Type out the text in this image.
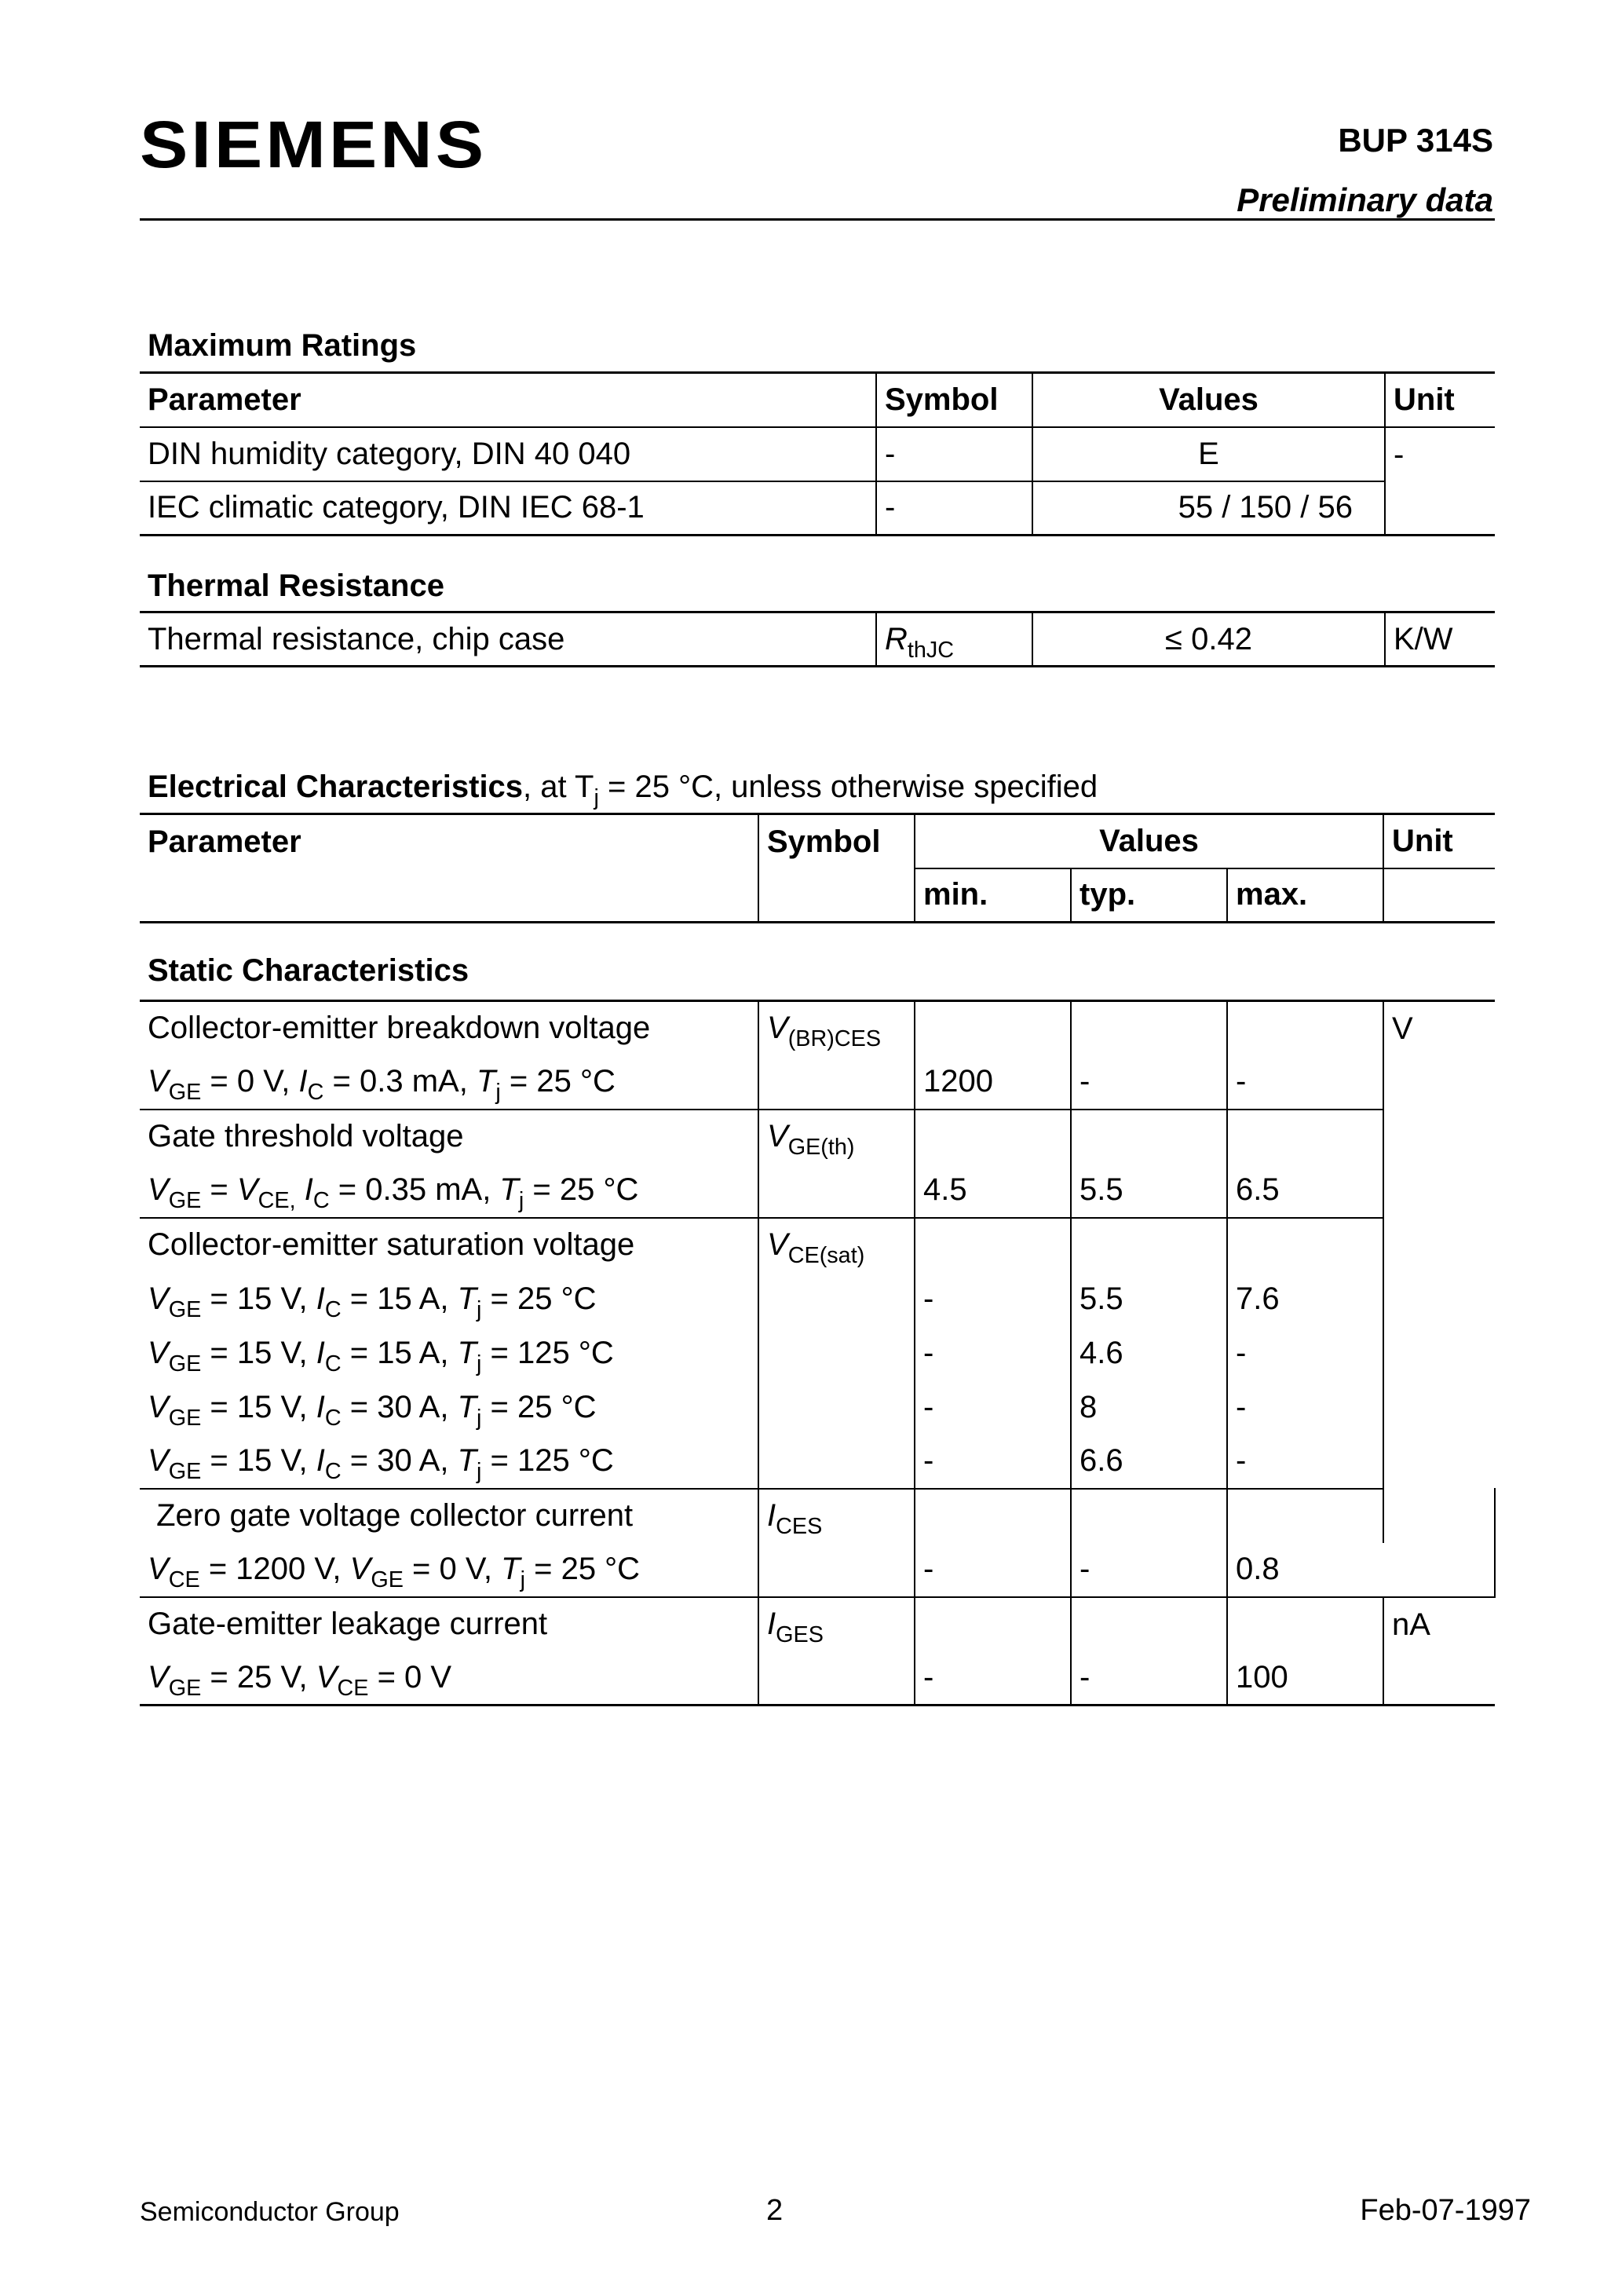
SIEMENS	BUP 314S
Preliminary data
Maximum Ratings
Parameter	Symbol	Values	Unit
DIN humidity category, DIN 40 040	-	E	-
IEC climatic category, DIN IEC 68-1	-	55 / 150 / 56	
Thermal Resistance
Thermal resistance, chip case	$R_{thJC}$	≤ 0.42	K/W
Electrical Characteristics, at $T_j = 25$ °C, unless otherwise specified
Parameter	Symbol	Values			Unit	
		min.	typ.	max.		
Static Characteristics						
Collector-emitter breakdown voltage	$V_{(BR)CES}$				V	
$V_{GE} = 0$ V, $I_C = 0.3$ mA, $T_j = 25$ °C		1200	-	-		
Gate threshold voltage	$V_{GE(th)}$			
$V_{GE} = V_{CE,}$ $I_C = 0.35$ mA, $T_j = 25$ °C		4.5	5.5	6.5		
Collector-emitter saturation voltage	$V_{CE(sat)}$			
$V_{GE} = 15$ V, $I_C = 15$ A, $T_j = 25$ °C		-	5.5	7.6		
$V_{GE} = 15$ V, $I_C = 15$ A, $T_j = 125$ °C		-	4.6	-		
$V_{GE} = 15$ V, $I_C = 30$ A, $T_j = 25$ °C		-	8	-		
$V_{GE} = 15$ V, $I_C = 30$ A, $T_j = 125$ °C		-	6.6	-		
Zero gate voltage collector current	$I_{CES}$				
$V_{CE} = 1200$ V, $V_{GE} = 0$ V, $T_j = 25$ °C		-	-	0.8		
Gate-emitter leakage current	$I_{GES}$				nA	
$V_{GE} = 25$ V, $V_{CE} = 0$ V		-	-	100		
Semiconductor Group	2	Feb-07-1997
